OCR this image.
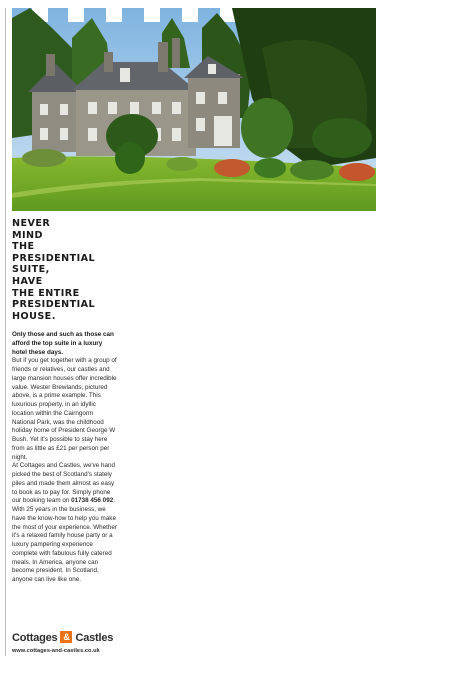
NEVER
MIND
THE
PRESIDENTIAL
SUITE,
HAVE
THE ENTIRE
PRESIDENTIAL
HOUSE.

Only those and such as those can afford the top suite in a luxury hotel these days.

But if you get together with a group of friends or relatives, our castles and large mansion houses offer incredible value. Wester Brewlands, pictured above, is a prime example. This luxurious property, in an idyllic location within the Cairngorm National Park, was the childhood holiday home of President George W Bush. Yet it's possible to stay here from as little as £21 per person per night.

At Cottages and Castles, we've hand picked the best of Scotland's stately piles and made them almost as easy to book as to pay for. Simply phone our booking team on 01738 456 092.

With 25 years in the business, we have the know-how to help you make the most of your experience. Whether it's a relaxed family house party or a luxury pampering experience complete with fabulous fully catered meals. In America, anyone can become president. In Scotland, anyone can live like one.

Cottages & Castles
www.cottages-and-castles.co.uk
